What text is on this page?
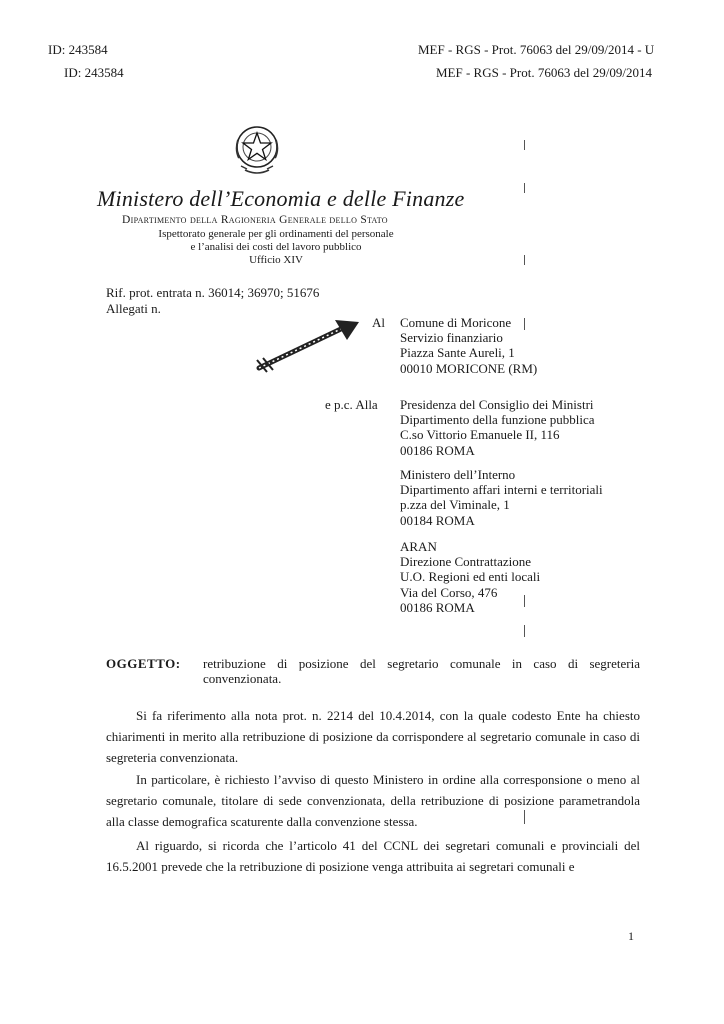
ID: 243584
ID: 243584
MEF - RGS - Prot. 76063 del 29/09/2014 - U
MEF - RGS - Prot. 76063 del 29/09/2014
Ministero dell’Economia e delle Finanze
Dipartimento della Ragioneria Generale dello Stato
Ispettorato generale per gli ordinamenti del personale
e l’analisi dei costi del lavoro pubblico
Ufficio XIV
Rif. prot. entrata n. 36014; 36970; 51676
Allegati n.
Al Comune di Moricone
Servizio finanziario
Piazza Sante Aureli, 1
00010 MORICONE (RM)
e p.c. Alla Presidenza del Consiglio dei Ministri
Dipartimento della funzione pubblica
C.so Vittorio Emanuele II, 116
00186 ROMA
Ministero dell’Interno
Dipartimento affari interni e territoriali
p.zza del Viminale, 1
00184 ROMA
ARAN
Direzione Contrattazione
U.O. Regioni ed enti locali
Via del Corso, 476
00186 ROMA
OGGETTO: retribuzione di posizione del segretario comunale in caso di segreteria convenzionata.

Si fa riferimento alla nota prot. n. 2214 del 10.4.2014, con la quale codesto Ente ha chiesto chiarimenti in merito alla retribuzione di posizione da corrispondere al segretario comunale in caso di segreteria convenzionata.

In particolare, è richiesto l’avviso di questo Ministero in ordine alla corresponsione o meno al segretario comunale, titolare di sede convenzionata, della retribuzione di posizione parametrandola alla classe demografica scaturente dalla convenzione stessa.

Al riguardo, si ricorda che l’articolo 41 del CCNL dei segretari comunali e provinciali del 16.5.2001 prevede che la retribuzione di posizione venga attribuita ai segretari comunali e

1
